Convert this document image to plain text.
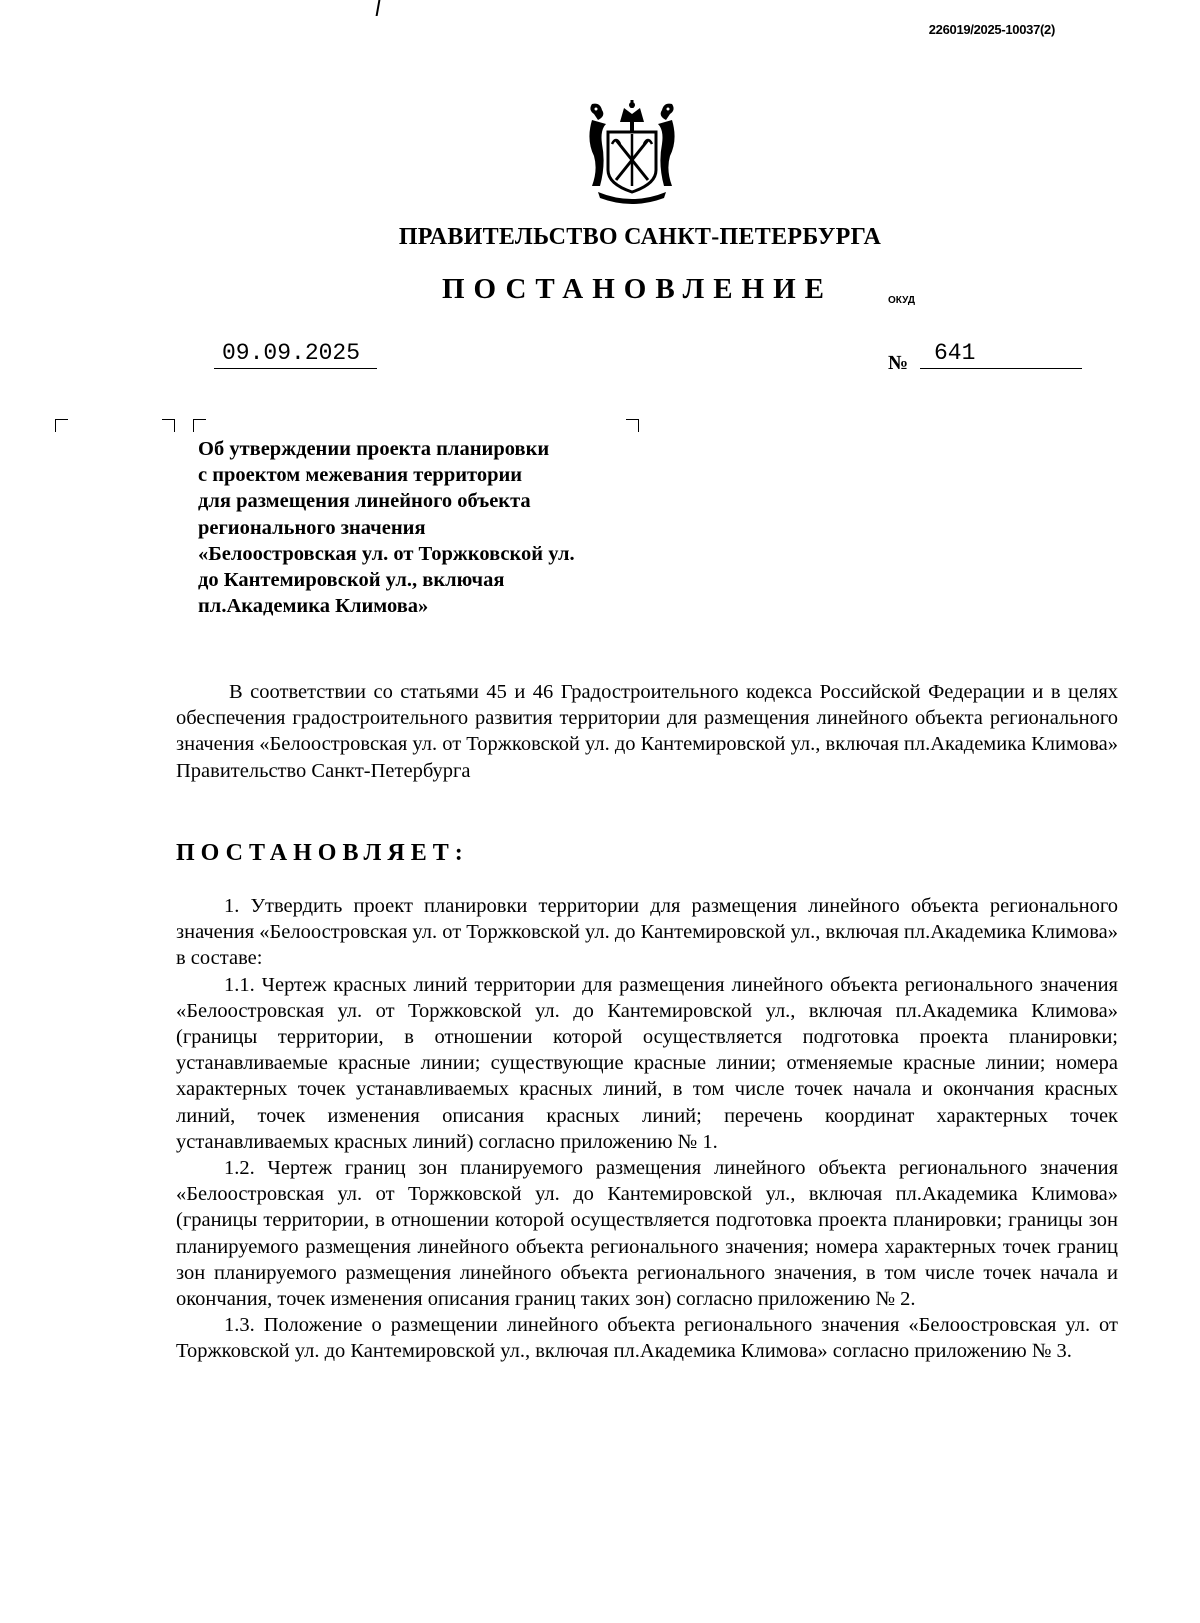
226019/2025-10037(2)
ПРАВИТЕЛЬСТВО САНКТ-ПЕТЕРБУРГА
ПОСТАНОВЛЕНИЕ	ОКУД
09.09.2025	№	641
Об утверждении проекта планировки
с проектом межевания территории
для размещения линейного объекта
регионального значения
«Белоостровская ул. от Торжковской ул.
до Кантемировской ул., включая
пл.Академика Климова»

В соответствии со статьями 45 и 46 Градостроительного кодекса Российской Федерации и в целях обеспечения градостроительного развития территории для размещения линейного объекта регионального значения «Белоостровская ул. от Торжковской ул. до Кантемировской ул., включая пл.Академика Климова» Правительство Санкт-Петербурга

ПОСТАНОВЛЯЕТ:

1. Утвердить проект планировки территории для размещения линейного объекта регионального значения «Белоостровская ул. от Торжковской ул. до Кантемировской ул., включая пл.Академика Климова» в составе:

1.1. Чертеж красных линий территории для размещения линейного объекта регионального значения «Белоостровская ул. от Торжковской ул. до Кантемировской ул., включая пл.Академика Климова» (границы территории, в отношении которой осуществляется подготовка проекта планировки; устанавливаемые красные линии; существующие красные линии; отменяемые красные линии; номера характерных точек устанавливаемых красных линий, в том числе точек начала и окончания красных линий, точек изменения описания красных линий; перечень координат характерных точек устанавливаемых красных линий) согласно приложению № 1.

1.2. Чертеж границ зон планируемого размещения линейного объекта регионального значения «Белоостровская ул. от Торжковской ул. до Кантемировской ул., включая пл.Академика Климова» (границы территории, в отношении которой осуществляется подготовка проекта планировки; границы зон планируемого размещения линейного объекта регионального значения; номера характерных точек границ зон планируемого размещения линейного объекта регионального значения, в том числе точек начала и окончания, точек изменения описания границ таких зон) согласно приложению № 2.

1.3. Положение о размещении линейного объекта регионального значения «Белоостровская ул. от Торжковской ул. до Кантемировской ул., включая пл.Академика Климова» согласно приложению № 3.
